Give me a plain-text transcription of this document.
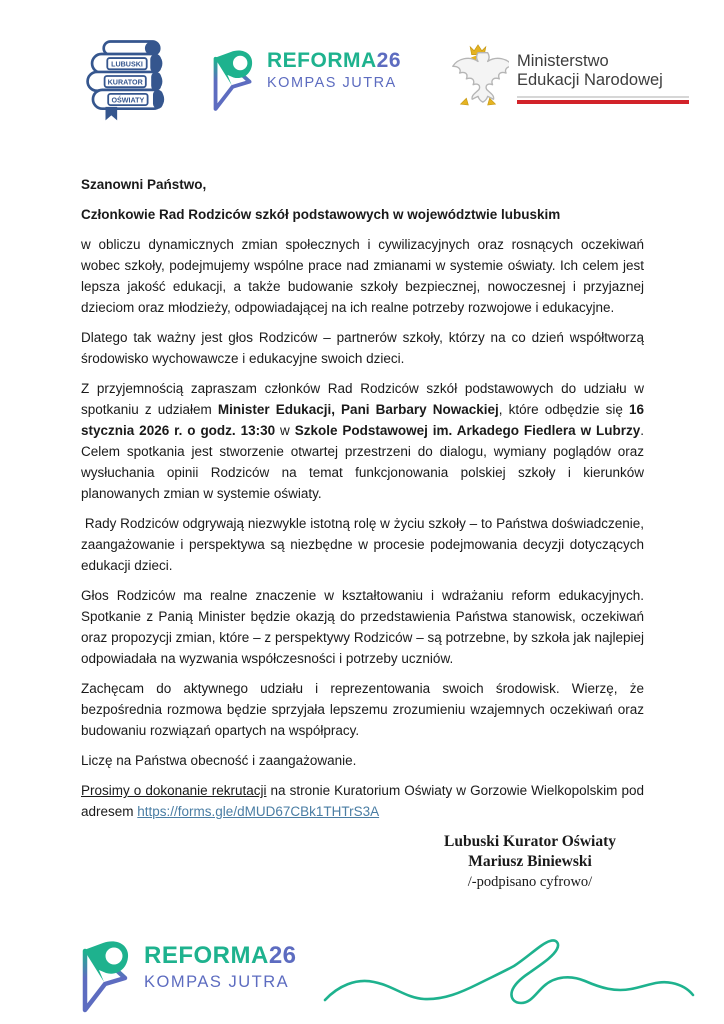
LUBUSKI
KURATOR
OŚWIATY
REFORMA26
KOMPAS JUTRA
Ministerstwo
Edukacji Narodowej

Szanowni Państwo,

Członkowie Rad Rodziców szkół podstawowych w województwie lubuskim

w obliczu dynamicznych zmian społecznych i cywilizacyjnych oraz rosnących oczekiwań wobec szkoły, podejmujemy wspólne prace nad zmianami w systemie oświaty. Ich celem jest lepsza jakość edukacji, a także budowanie szkoły bezpiecznej, nowoczesnej i przyjaznej dzieciom oraz młodzieży, odpowiadającej na ich realne potrzeby rozwojowe i edukacyjne.

Dlatego tak ważny jest głos Rodziców – partnerów szkoły, którzy na co dzień współtworzą środowisko wychowawcze i edukacyjne swoich dzieci.

Z przyjemnością zapraszam członków Rad Rodziców szkół podstawowych do udziału w spotkaniu z udziałem Minister Edukacji, Pani Barbary Nowackiej, które odbędzie się 16 stycznia 2026 r. o godz. 13:30 w Szkole Podstawowej im. Arkadego Fiedlera w Lubrzy. Celem spotkania jest stworzenie otwartej przestrzeni do dialogu, wymiany poglądów oraz wysłuchania opinii Rodziców na temat funkcjonowania polskiej szkoły i kierunków planowanych zmian w systemie oświaty.

Rady Rodziców odgrywają niezwykle istotną rolę w życiu szkoły – to Państwa doświadczenie, zaangażowanie i perspektywa są niezbędne w procesie podejmowania decyzji dotyczących edukacji dzieci.

Głos Rodziców ma realne znaczenie w kształtowaniu i wdrażaniu reform edukacyjnych. Spotkanie z Panią Minister będzie okazją do przedstawienia Państwa stanowisk, oczekiwań oraz propozycji zmian, które – z perspektywy Rodziców – są potrzebne, by szkoła jak najlepiej odpowiadała na wyzwania współczesności i potrzeby uczniów.

Zachęcam do aktywnego udziału i reprezentowania swoich środowisk. Wierzę, że bezpośrednia rozmowa będzie sprzyjała lepszemu zrozumieniu wzajemnych oczekiwań oraz budowaniu rozwiązań opartych na współpracy.

Liczę na Państwa obecność i zaangażowanie.

Prosimy o dokonanie rekrutacji na stronie Kuratorium Oświaty w Gorzowie Wielkopolskim pod adresem https://forms.gle/dMUD67CBk1THTrS3A

Lubuski Kurator Oświaty
Mariusz Biniewski
/-podpisano cyfrowo/
REFORMA26
KOMPAS JUTRA
